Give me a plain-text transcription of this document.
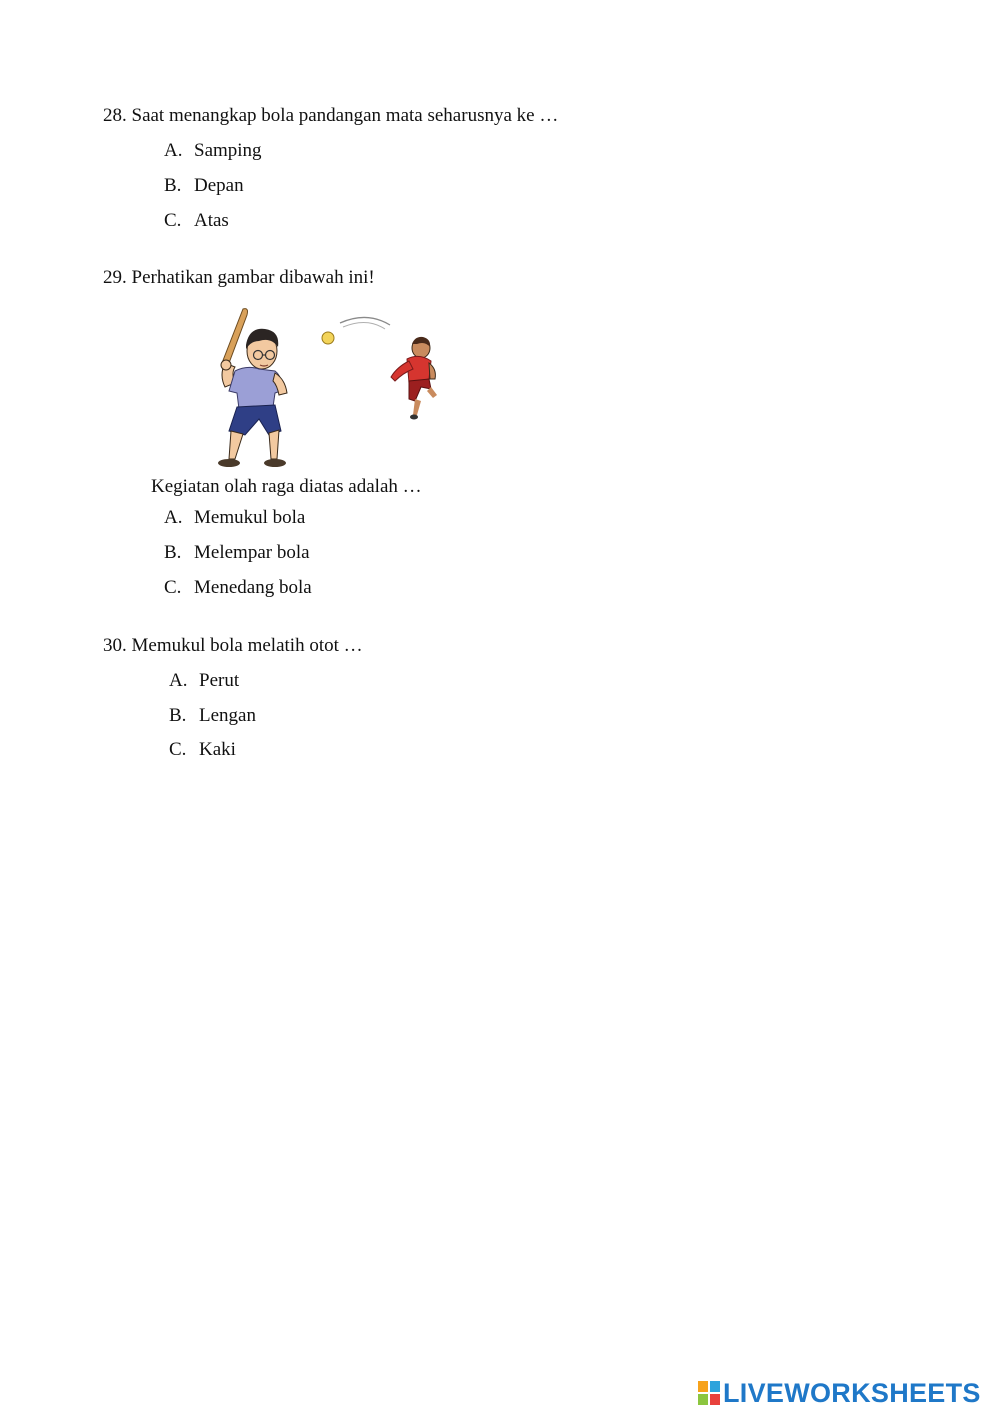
28. Saat menangkap bola pandangan mata seharusnya ke …
A. Samping
B. Depan
C. Atas
29. Perhatikan gambar dibawah ini!
Kegiatan olah raga diatas adalah …
A. Memukul bola
B. Melempar bola
C. Menedang bola
30. Memukul bola melatih otot …
A. Perut
B. Lengan
C. Kaki
LIVEWORKSHEETS
